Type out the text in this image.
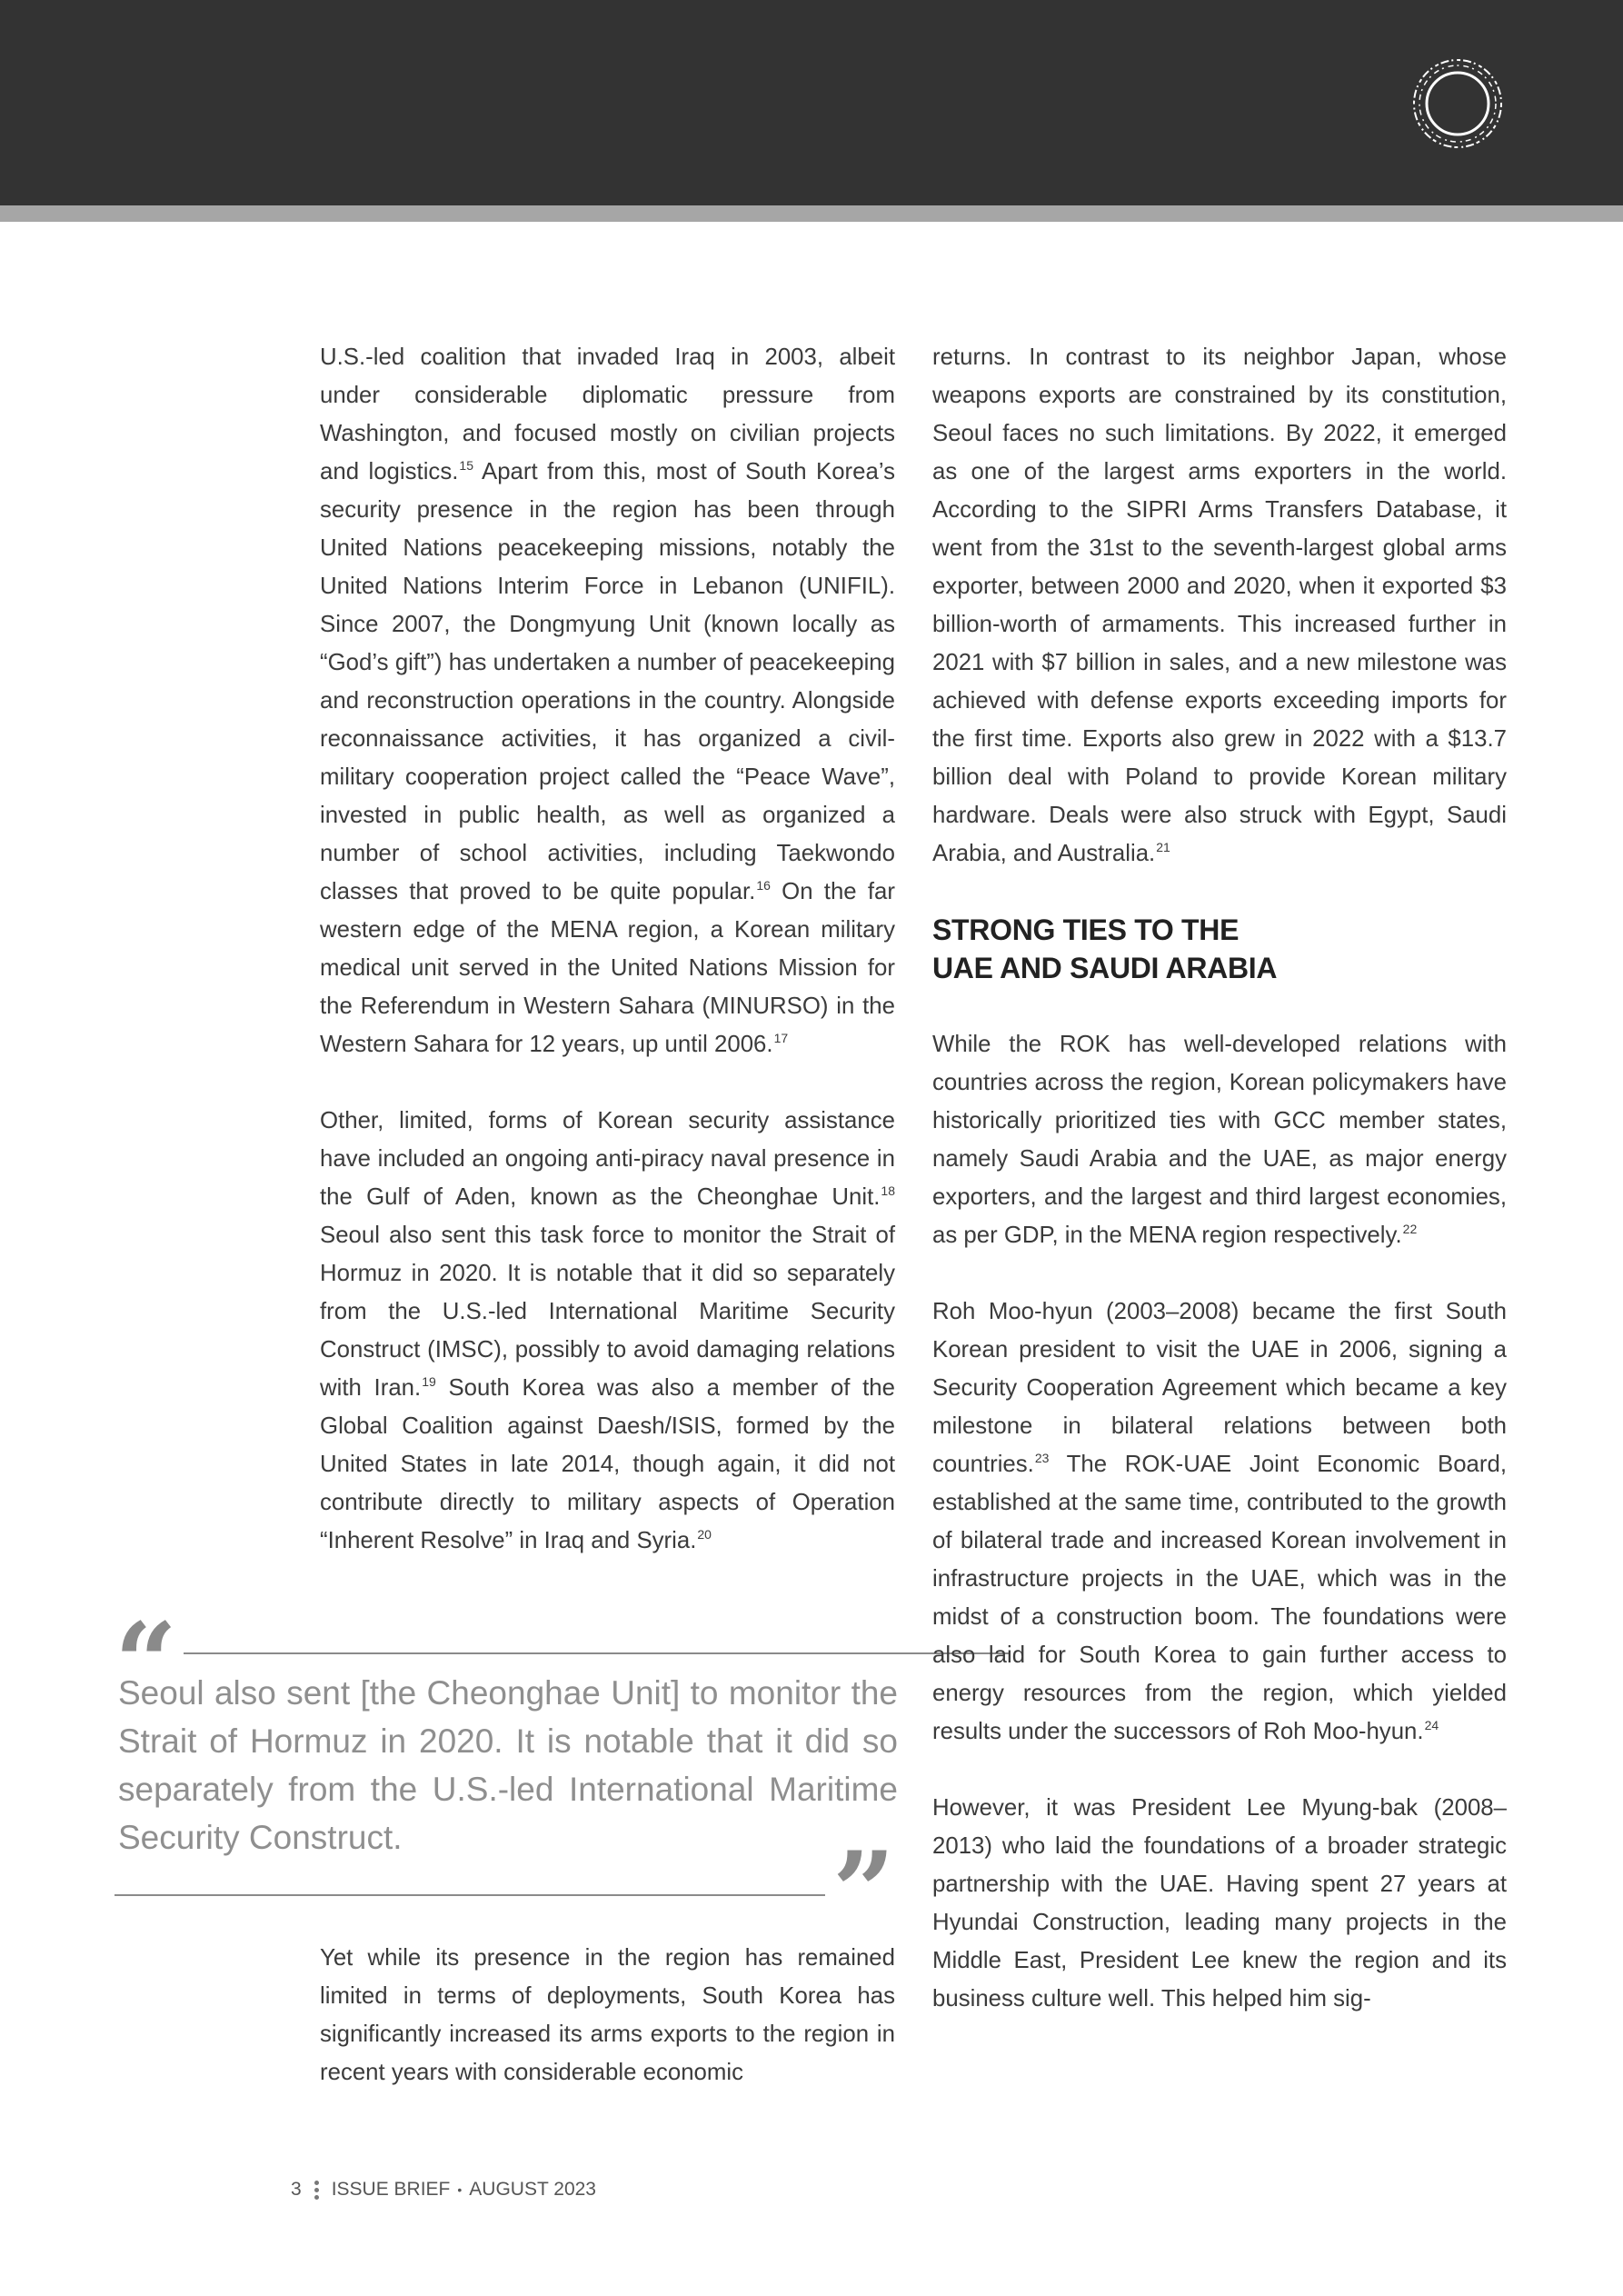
U.S.-led coalition that invaded Iraq in 2003, albeit under considerable diplomatic pressure from Washington, and focused mostly on civilian projects and logistics.$^{15}$ Apart from this, most of South Korea’s security presence in the region has been through United Nations peacekeeping missions, notably the United Nations Interim Force in Lebanon (UNIFIL). Since 2007, the Dongmyung Unit (known locally as “God’s gift”) has undertaken a number of peacekeeping and reconstruction operations in the country. Alongside reconnaissance activities, it has organized a civil-military cooperation project called the “Peace Wave”, invested in public health, as well as organized a number of school activities, including Taekwondo classes that proved to be quite popular.$^{16}$ On the far western edge of the MENA region, a Korean military medical unit served in the United Nations Mission for the Referendum in Western Sahara (MINURSO) in the Western Sahara for 12 years, up until 2006.17

Other, limited, forms of Korean security assistance have included an ongoing anti-piracy naval presence in the Gulf of Aden, known as the Cheonghae Unit.$^{18}$ Seoul also sent this task force to monitor the Strait of Hormuz in 2020. It is notable that it did so separately from the U.S.-led International Maritime Security Construct (IMSC), possibly to avoid damaging relations with Iran.$^{19}$ South Korea was also a member of the Global Coalition against Daesh/ISIS, formed by the United States in late 2014, though again, it did not contribute directly to military aspects of Operation “Inherent Resolve” in Iraq and Syria.$^{20}$

“

Seoul also sent [the Cheonghae Unit] to monitor the Strait of Hormuz in 2020. It is notable that it did so separately from the U.S.-led International Maritime Security Construct.	”

Yet while its presence in the region has remained limited in terms of deployments, South Korea has significantly increased its arms exports to the region in recent years with considerable economic

returns. In contrast to its neighbor Japan, whose weapons exports are constrained by its constitution, Seoul faces no such limitations. By 2022, it emerged as one of the largest arms exporters in the world. According to the SIPRI Arms Transfers Database, it went from the 31st to the seventh-largest global arms exporter, between 2000 and 2020, when it exported $3 billion-worth of armaments. This increased further in 2021 with $7 billion in sales, and a new milestone was achieved with defense exports exceeding imports for the first time. Exports also grew in 2022 with a $13.7 billion deal with Poland to provide Korean military hardware. Deals were also struck with Egypt, Saudi Arabia, and Australia.$^{21}$

STRONG TIES TO THE
UAE AND SAUDI ARABIA

While the ROK has well-developed relations with countries across the region, Korean policymakers have historically prioritized ties with GCC member states, namely Saudi Arabia and the UAE, as major energy exporters, and the largest and third largest economies, as per GDP, in the MENA region respectively.$^{22}$

Roh Moo-hyun (2003–2008) became the first South Korean president to visit the UAE in 2006, signing a Security Cooperation Agreement which became a key milestone in bilateral relations between both countries.$^{23}$ The ROK-UAE Joint Economic Board, established at the same time, contributed to the growth of bilateral trade and increased Korean involvement in infrastructure projects in the UAE, which was in the midst of a construction boom. The foundations were also laid for South Korea to gain further access to energy resources from the region, which yielded results under the successors of Roh Moo-hyun.$^{24}$

However, it was President Lee Myung-bak (2008–2013) who laid the foundations of a broader strategic partnership with the UAE. Having spent 27 years at Hyundai Construction, leading many projects in the Middle East, President Lee knew the region and its business culture well. This helped him sig-

3 ISSUE BRIEF • AUGUST 2023
